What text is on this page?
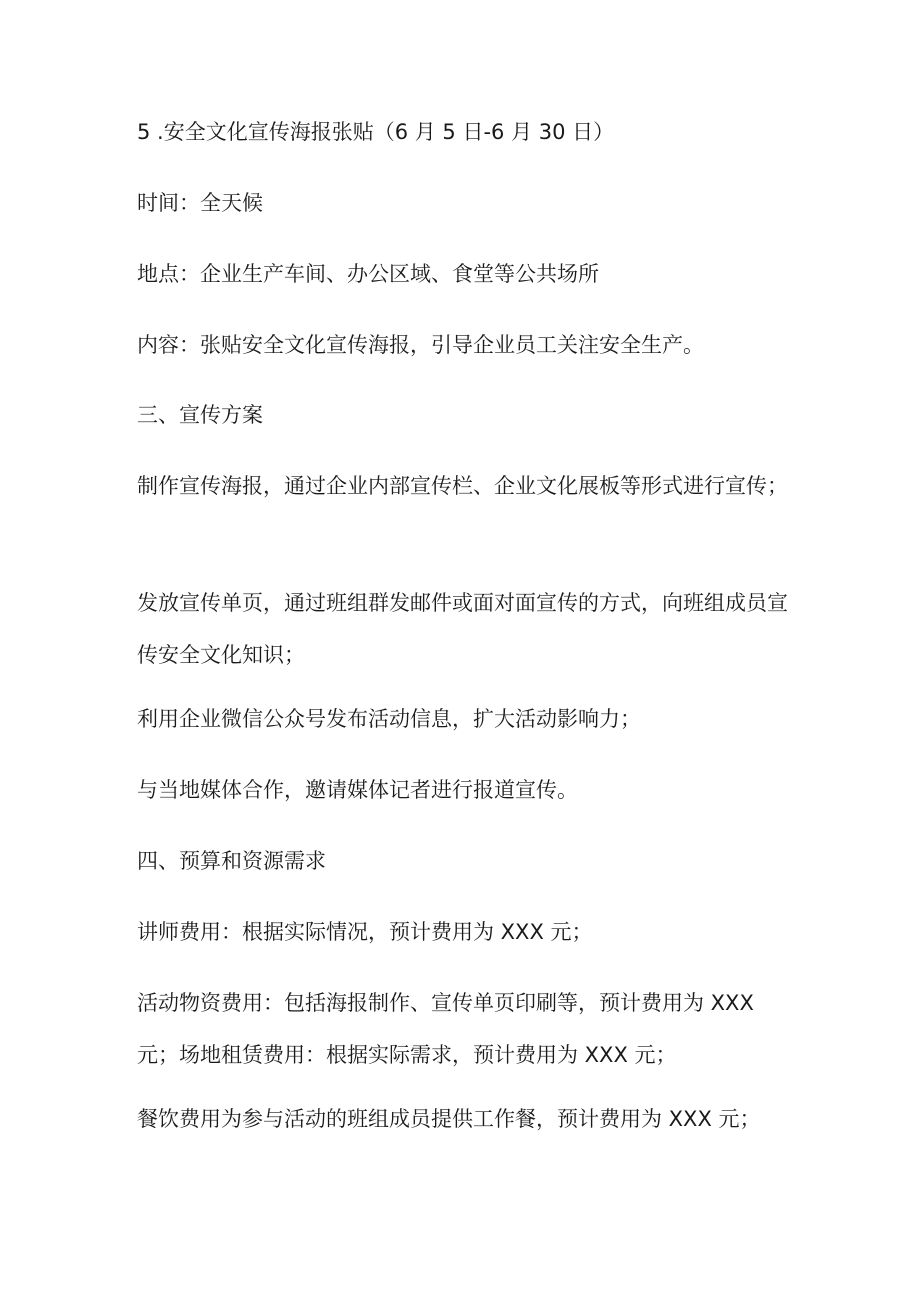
5 .安全文化宣传海报张贴（6 月 5 日-6 月 30 日）

时间：全天候

地点：企业生产车间、办公区域、食堂等公共场所

内容：张贴安全文化宣传海报，引导企业员工关注安全生产。

三、宣传方案

制作宣传海报，通过企业内部宣传栏、企业文化展板等形式进行宣传；

发放宣传单页，通过班组群发邮件或面对面宣传的方式，向班组成员宣传安全文化知识；

利用企业微信公众号发布活动信息，扩大活动影响力；

与当地媒体合作，邀请媒体记者进行报道宣传。

四、预算和资源需求

讲师费用：根据实际情况，预计费用为 XXX 元；

活动物资费用：包括海报制作、宣传单页印刷等，预计费用为 XXX 元；场地租赁费用：根据实际需求，预计费用为 XXX 元；

餐饮费用为参与活动的班组成员提供工作餐，预计费用为 XXX 元；
